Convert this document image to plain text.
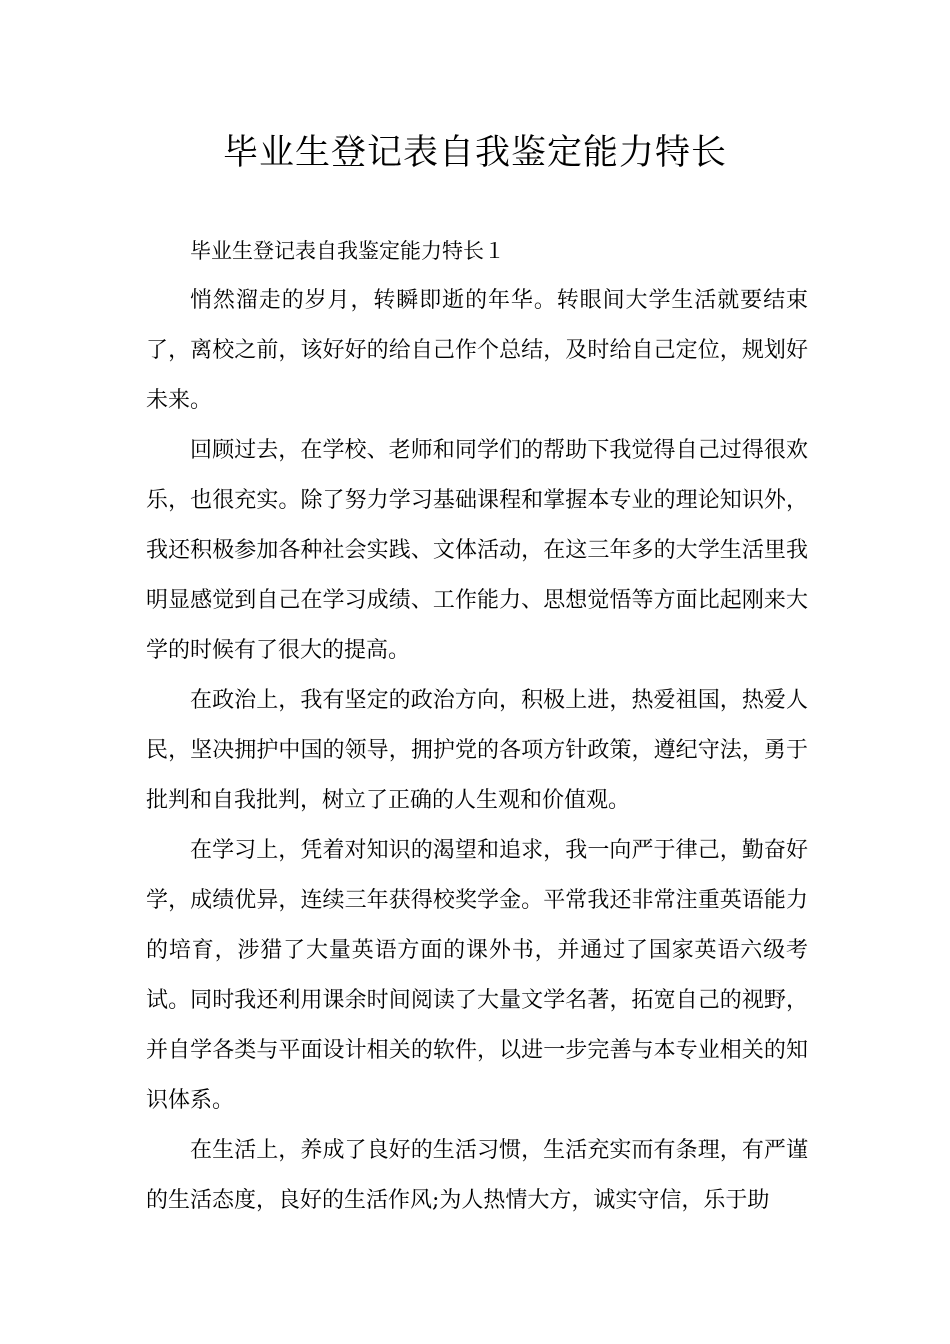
毕业生登记表自我鉴定能力特长

毕业生登记表自我鉴定能力特长１

悄然溜走的岁月，转瞬即逝的年华。转眼间大学生活就要结束了，离校之前，该好好的给自己作个总结，及时给自己定位，规划好未来。

回顾过去，在学校、老师和同学们的帮助下我觉得自己过得很欢乐，也很充实。除了努力学习基础课程和掌握本专业的理论知识外，我还积极参加各种社会实践、文体活动，在这三年多的大学生活里我明显感觉到自己在学习成绩、工作能力、思想觉悟等方面比起刚来大学的时候有了很大的提高。

在政治上，我有坚定的政治方向，积极上进，热爱祖国，热爱人民，坚决拥护中国的领导，拥护党的各项方针政策，遵纪守法，勇于批判和自我批判，树立了正确的人生观和价值观。

在学习上，凭着对知识的渴望和追求，我一向严于律己，勤奋好学，成绩优异，连续三年获得校奖学金。平常我还非常注重英语能力的培育，涉猎了大量英语方面的课外书，并通过了国家英语六级考试。同时我还利用课余时间阅读了大量文学名著，拓宽自己的视野，并自学各类与平面设计相关的软件，以进一步完善与本专业相关的知识体系。

在生活上，养成了良好的生活习惯，生活充实而有条理，有严谨的生活态度，良好的生活作风;为人热情大方，诚实守信，乐于助
